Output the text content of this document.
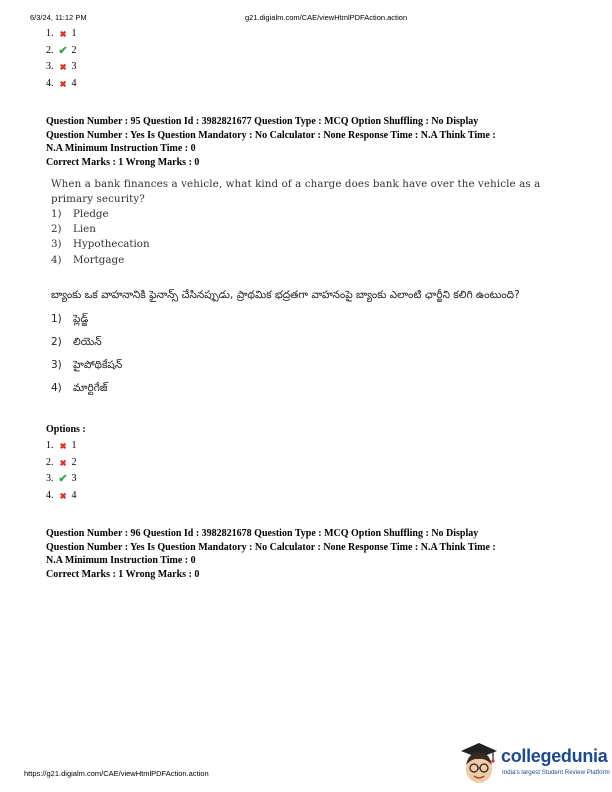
6/3/24, 11:12 PM	g21.digialm.com/CAE/viewHtmlPDFAction.action
1. ✖ 1
2. ✔ 2
3. ✖ 3
4. ✖ 4
Question Number : 95 Question Id : 3982821677 Question Type : MCQ Option Shuffling : No Display
Question Number : Yes Is Question Mandatory : No Calculator : None Response Time : N.A Think Time :
N.A Minimum Instruction Time : 0
Correct Marks : 1 Wrong Marks : 0
When a bank finances a vehicle, what kind of a charge does bank have over the vehicle as a primary security?
1) Pledge
2) Lien
3) Hypothecation
4) Mortgage
బ్యాంకు ఒక వాహనానికి ఫైనాన్స్ చేసినప్పుడు, ప్రాథమిక భద్రతగా వాహనంపై బ్యాంకు ఎలాంటి ఛార్జీని కలిగి ఉంటుంది?
1) ప్లెడ్జ్
2) లియెన్
3) హైపోథికేషన్
4) మార్టిగేజ్
Options :
1. ✖ 1
2. ✖ 2
3. ✔ 3
4. ✖ 4
Question Number : 96 Question Id : 3982821678 Question Type : MCQ Option Shuffling : No Display
Question Number : Yes Is Question Mandatory : No Calculator : None Response Time : N.A Think Time :
N.A Minimum Instruction Time : 0
Correct Marks : 1 Wrong Marks : 0
https://g21.digialm.com/CAE/viewHtmlPDFAction.action
collegedunia
India's largest Student Review Platform
